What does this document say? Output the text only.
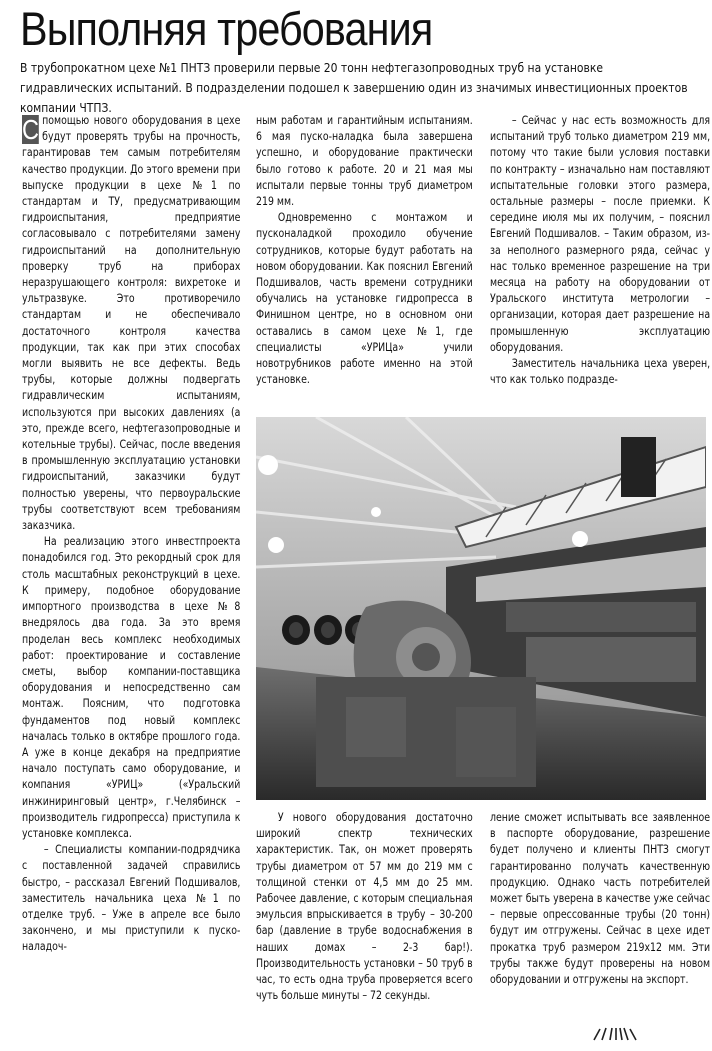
Выполняя требования

В трубопрокатном цехе №1 ПНТЗ проверили первые 20 тонн нефтегазопроводных труб на установке гидравлических испытаний. В подразделении подошел к завершению один из значимых инвестиционных проектов компании ЧТПЗ.

С помощью нового оборудования в цехе будут проверять трубы на прочность, гарантировав тем самым потребителям качество продукции. До этого времени при выпуске продукции в цехе №1 по стандартам и ТУ, предусматривающим гидроиспытания, предприятие согласовывало с потребителями замену гидроиспытаний на дополнительную проверку труб на приборах неразрушающего контроля: вихретоке и ультразвуке. Это противоречило стандартам и не обеспечивало достаточного контроля качества продукции, так как при этих способах могли выявить не все дефекты. Ведь трубы, которые должны подвергать гидравлическим испытаниям, используются при высоких давлениях (а это, прежде всего, нефтегазопроводные и котельные трубы). Сейчас, после введения в промышленную эксплуатацию установки гидроиспытаний, заказчики будут полностью уверены, что первоуральские трубы соответствуют всем требованиям заказчика.

На реализацию этого инвестпроекта понадобился год. Это рекордный срок для столь масштабных реконструкций в цехе. К примеру, подобное оборудование импортного производства в цехе №8 внедрялось два года. За это время проделан весь комплекс необходимых работ: проектирование и составление сметы, выбор компании-поставщика оборудования и непосредственно сам монтаж. Поясним, что подготовка фундаментов под новый комплекс началась только в октябре прошлого года. А уже в конце декабря на предприятие начало поступать само оборудование, и компания «УРИЦ» («Уральский инжиниринговый центр», г.Челябинск – производитель гидропресса) приступила к установке комплекса.

– Специалисты компании-подрядчика с поставленной задачей справились быстро, – рассказал Евгений Подшивалов, заместитель начальника цеха №1 по отделке труб. – Уже в апреле все было закончено, и мы приступили к пуско-наладоч-

ным работам и гарантийным испытаниям. 6 мая пуско-наладка была завершена успешно, и оборудование практически было готово к работе. 20 и 21 мая мы испытали первые тонны труб диаметром 219 мм.

Одновременно с монтажом и пусконаладкой проходило обучение сотрудников, которые будут работать на новом оборудовании. Как пояснил Евгений Подшивалов, часть времени сотрудники обучались на установке гидропресса в Финишном центре, но в основном они оставались в самом цехе №1, где специалисты «УРИЦа» учили новотрубников работе именно на этой установке.

– Сейчас у нас есть возможность для испытаний труб только диаметром 219 мм, потому что такие были условия поставки по контракту – изначально нам поставляют испытательные головки этого размера, остальные размеры – после приемки. К середине июля мы их получим, – пояснил Евгений Подшивалов. – Таким образом, из-за неполного размерного ряда, сейчас у нас только временное разрешение на три месяца на работу на оборудовании от Уральского института метрологии – организации, которая дает разрешение на промышленную эксплуатацию оборудования.

Заместитель начальника цеха уверен, что как только подразде-

У нового оборудования достаточно широкий спектр технических характеристик. Так, он может проверять трубы диаметром от 57 мм до 219 мм с толщиной стенки от 4,5 мм до 25 мм. Рабочее давление, с которым специальная эмульсия впрыскивается в трубу – 30-200 бар (давление в трубе водоснабжения в наших домах – 2-3 бар!). Производительность установки – 50 труб в час, то есть одна труба проверяется всего чуть больше минуты – 72 секунды.

ление сможет испытывать все заявленное в паспорте оборудование, разрешение будет получено и клиенты ПНТЗ смогут гарантированно получать качественную продукцию. Однако часть потребителей может быть уверена в качестве уже сейчас – первые опрессованные трубы (20 тонн) будут им отгружены. Сейчас в цехе идет прокатка труб размером 219х12 мм. Эти трубы также будут проверены на новом оборудовании и отгружены на экспорт.
